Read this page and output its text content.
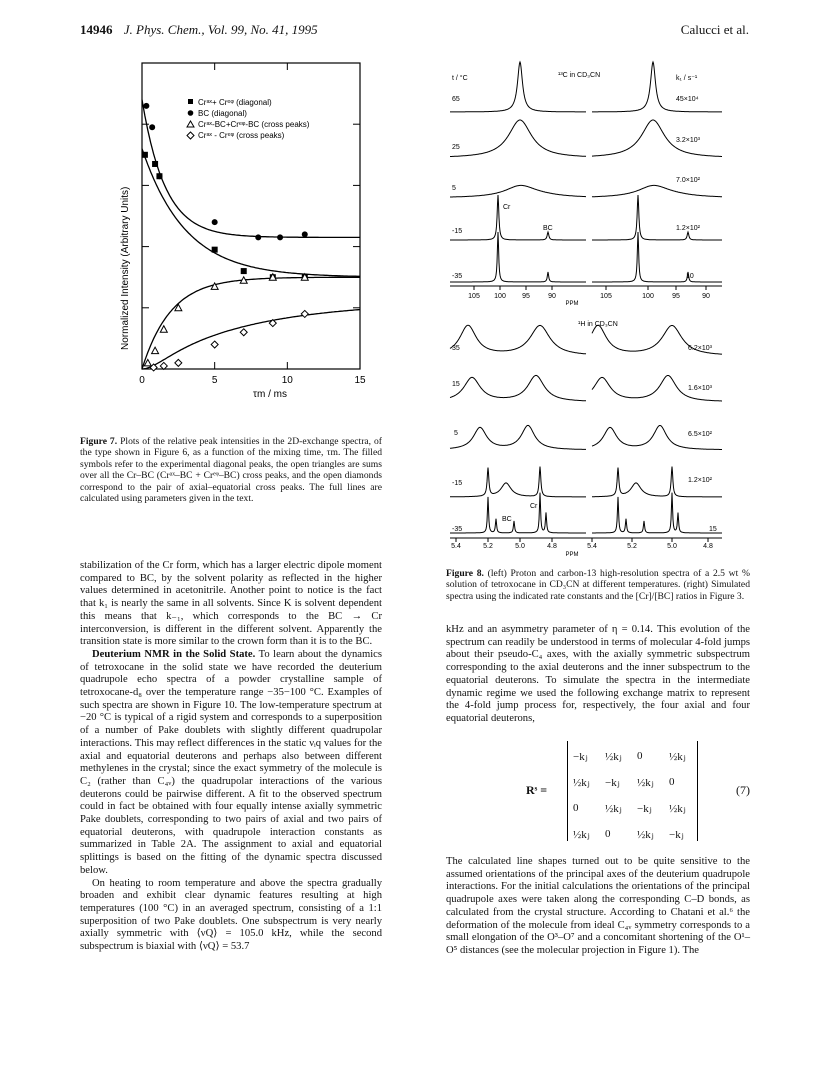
14946 J. Phys. Chem., Vol. 99, No. 41, 1995	Calucci et al.
Crᵃˣ+ Crᵉᵠ (diagonal)
BC (diagonal)
Crᵃˣ-BC+Crᵉᵠ-BC (cross peaks)
Crᵃˣ - Crᵉᵠ (cross peaks)
Normalized Intensity (Arbitrary Units)
0	5	10	15
τm / ms
Figure 7. Plots of the relative peak intensities in the 2D-exchange spectra, of the type shown in Figure 6, as a function of the mixing time, τm. The filled symbols refer to the experimental diagonal peaks, the open triangles are sums over all the Cr–BC (Crᵃˣ–BC + Crᵉᵠ–BC) cross peaks, and the open diamonds correspond to the pair of axial–equatorial cross peaks. The full lines are calculated using parameters given in the text.

stabilization of the Cr form, which has a larger electric dipole moment compared to BC, by the solvent polarity as reflected in the higher values determined in acetonitrile. Another point to notice is the fact that k₁ is nearly the same in all solvents. Since K is solvent dependent this means that k₋₁, which corresponds to the BC → Cr interconversion, is different in the different solvent. Apparently the transition state is more similar to the crown form than it is to the BC.

Deuterium NMR in the Solid State. To learn about the dynamics of tetroxocane in the solid state we have recorded the deuterium quadrupole echo spectra of a powder crystalline sample of tetroxocane-d₈ over the temperature range −35−100 °C. Examples of such spectra are shown in Figure 10. The low-temperature spectrum at −20 °C is typical of a rigid system and corresponds to a superposition of a number of Pake doublets with slightly different quadrupolar interactions. This may reflect differences in the static νᵢq values for the axial and equatorial deuterons and perhaps also between different methylenes in the crystal; since the exact symmetry of the molecule is C₂ (rather than C₄ᵥ) the quadrupolar interactions of the various deuterons could be pairwise different. A fit to the observed spectrum could in fact be obtained with four equally intense axially symmetric Pake doublets, corresponding to two pairs of axial and two pairs of equatorial deuterons, with quadrupole interaction constants as summarized in Table 2A. The assignment to axial and equatorial splittings is based on the fitting of the dynamic spectra discussed below.

On heating to room temperature and above the spectra gradually broaden and exhibit clear dynamic features resulting at high temperatures (100 °C) in an averaged spectrum, consisting of a 1:1 superposition of two Pake doublets. One subspectrum is very nearly axially symmetric with ⟨νQ⟩ = 105.0 kHz, while the second subspectrum is biaxial with ⟨νQ⟩ = 53.7

t / °C	¹³C in CD₃CN	k₁ / s⁻¹
65
25
5
-15
-35
45×10⁴
3.2×10³
7.0×10²
1.2×10²
10
Cr
BC
105 100 95	90	105	100	95	90
PPM
¹H in CD₃CN
35
15
5
-15
-35
6.2×10³
1.6×10³
6.5×10²
1.2×10²
15
BC
Cr
5.4	5.2	5.0	4.8	5.4	5.2	5.0	4.8
PPM
Figure 8. (left) Proton and carbon-13 high-resolution spectra of a 2.5 wt % solution of tetroxocane in CD₃CN at different temperatures. (right) Simulated spectra using the indicated rate constants and the [Cr]/[BC] ratios in Figure 3.

kHz and an asymmetry parameter of η = 0.14. This evolution of the spectrum can readily be understood in terms of molecular 4-fold jumps about their pseudo-C₄ axes, with the axially symmetric subspectrum corresponding to the axial deuterons and the inner subspectrum to the equatorial deuterons. To simulate the spectra in the intermediate dynamic regime we used the following exchange matrix to represent the 4-fold jump process for, respectively, the four axial and four equatorial deuterons,

Rˢ =
−kⱼ	½kⱼ	0	½kⱼ
½kⱼ	−kⱼ	½kⱼ	0
0	½kⱼ	−kⱼ	½kⱼ
½kⱼ	0	½kⱼ	−kⱼ
(7)

The calculated line shapes turned out to be quite sensitive to the assumed orientations of the principal axes of the deuterium quadrupole interactions. For the initial calculations the orientations of the principal quadrupole axes were taken along the corresponding C–D bonds, as calculated from the crystal structure. According to Chatani et al.⁶ the deformation of the molecule from ideal C₄ᵥ symmetry corresponds to a small elongation of the O³–O⁷ and a concomitant shortening of the O¹–O⁵ distances (see the molecular projection in Figure 1). The
